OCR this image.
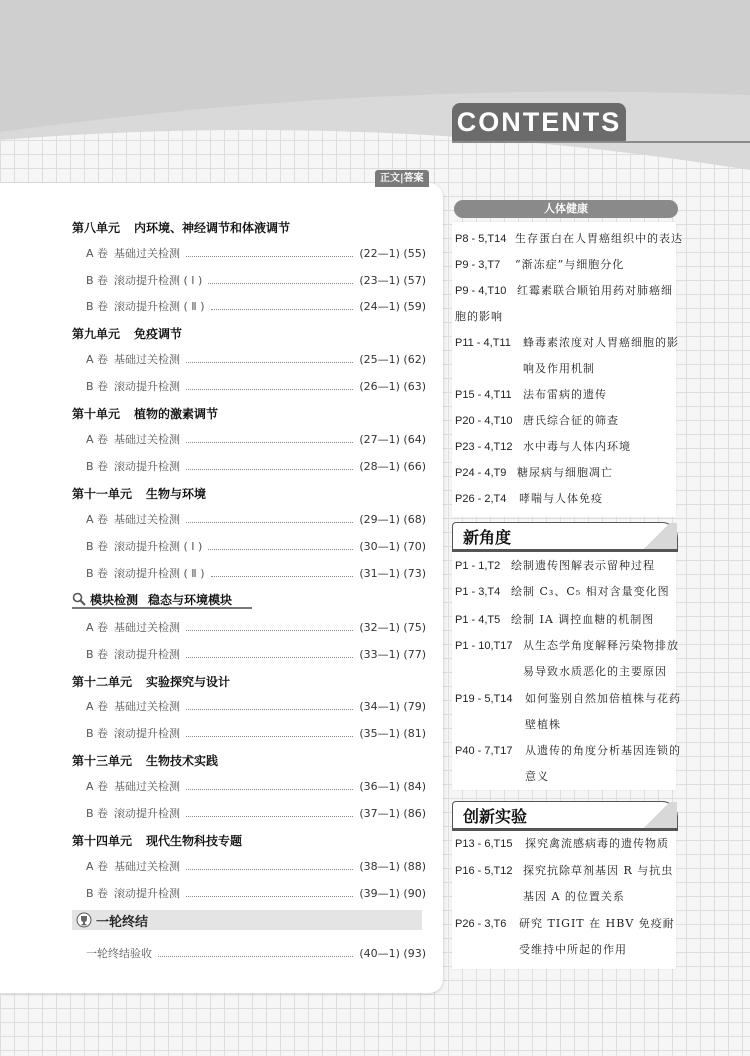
CONTENTS
正文|答案
第八单元 内环境、神经调节和体液调节
A 卷 基础过关检测	(22—1) (55)
B 卷 滚动提升检测 ( Ⅰ )	(23—1) (57)
B 卷 滚动提升检测 ( Ⅱ )	(24—1) (59)
第九单元 免疫调节
A 卷 基础过关检测	(25—1) (62)
B 卷 滚动提升检测	(26—1) (63)
第十单元 植物的激素调节
A 卷 基础过关检测	(27—1) (64)
B 卷 滚动提升检测	(28—1) (66)
第十一单元 生物与环境
A 卷 基础过关检测	(29—1) (68)
B 卷 滚动提升检测 ( Ⅰ )	(30—1) (70)
B 卷 滚动提升检测 ( Ⅱ )	(31—1) (73)
模块检测 稳态与环境模块
A 卷 基础过关检测	(32—1) (75)
B 卷 滚动提升检测	(33—1) (77)
第十二单元 实验探究与设计
A 卷 基础过关检测	(34—1) (79)
B 卷 滚动提升检测	(35—1) (81)
第十三单元 生物技术实践
A 卷 基础过关检测	(36—1) (84)
B 卷 滚动提升检测	(37—1) (86)
第十四单元 现代生物科技专题
A 卷 基础过关检测	(38—1) (88)
B 卷 滚动提升检测	(39—1) (90)
一轮终结
一轮终结验收	(40—1) (93)
人体健康
P8 - 5,T14 生存蛋白在人胃癌组织中的表达
P9 - 3,T7	“渐冻症”与细胞分化
P9 - 4,T10 红霉素联合顺铂用药对肺癌细胞的影响
P11 - 4,T11	蜂毒素浓度对人胃癌细胞的影响及作用机制
P15 - 4,T11	法布雷病的遗传
P20 - 4,T10 唐氏综合征的筛查
P23 - 4,T12 水中毒与人体内环境
P24 - 4,T9 糖尿病与细胞凋亡
P26 - 2,T4	哮喘与人体免疫
新角度
P1 - 1,T2 绘制遗传图解表示留种过程
P1 - 3,T4 绘制 C₃、C₅ 相对含量变化图
P1 - 4,T5 绘制 IA 调控血糖的机制图
P1 - 10,T17 从生态学角度解释污染物排放易导致水质恶化的主要原因
P19 - 5,T14	如何鉴别自然加倍植株与花药壁植株
P40 - 7,T17	从遗传的角度分析基因连锁的意义
创新实验
P13 - 6,T15	探究禽流感病毒的遗传物质
P16 - 5,T12 探究抗除草剂基因 R 与抗虫基因 A 的位置关系
P26 - 3,T6	研究 TIGIT 在 HBV 免疫耐受维持中所起的作用
